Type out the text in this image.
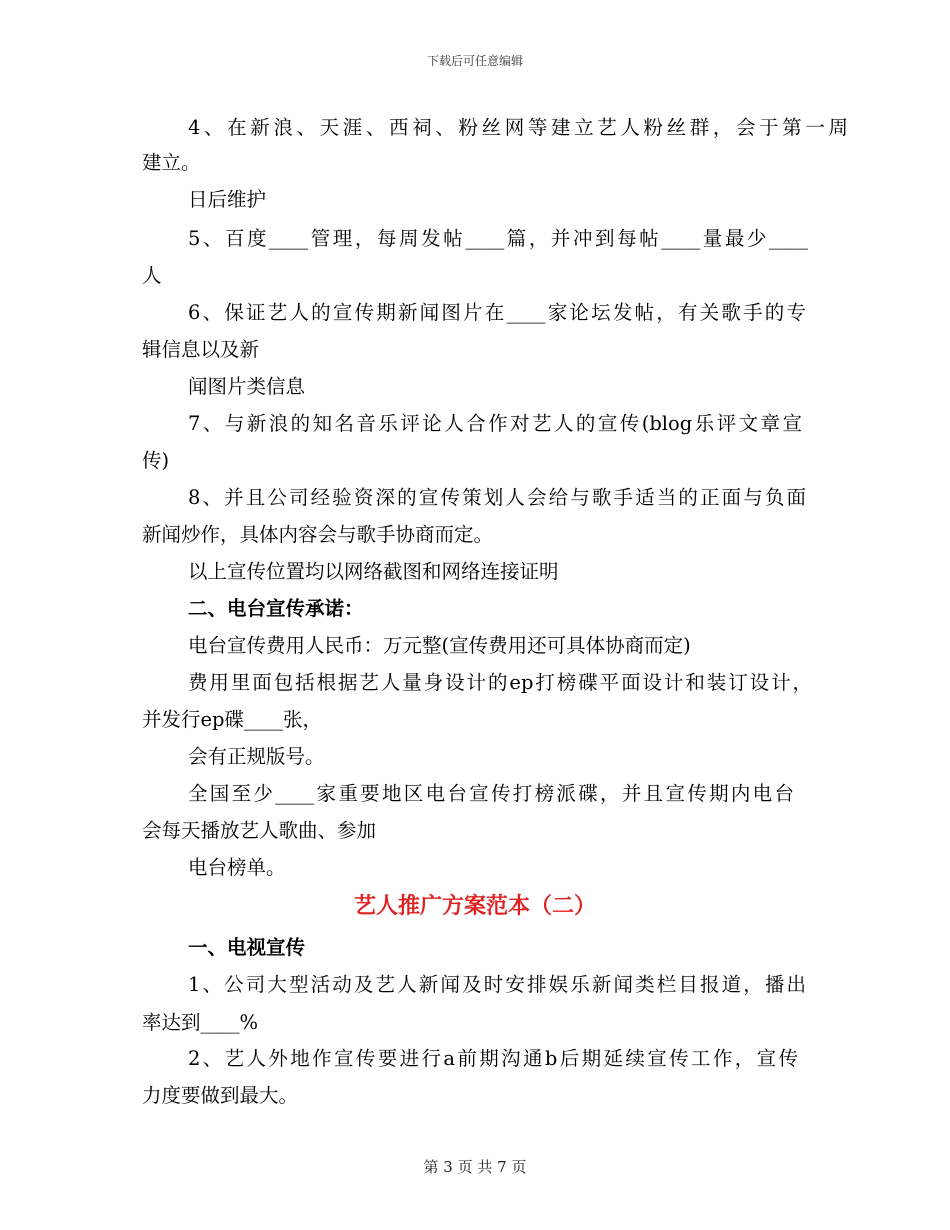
下载后可任意编辑
4、在新浪、天涯、西祠、粉丝网等建立艺人粉丝群，会于第一周
建立。
日后维护
5、百度____管理，每周发帖____篇，并冲到每帖____量最少____
人
6、保证艺人的宣传期新闻图片在____家论坛发帖，有关歌手的专
辑信息以及新
闻图片类信息
7、与新浪的知名音乐评论人合作对艺人的宣传(blog乐评文章宣
传)
8、并且公司经验资深的宣传策划人会给与歌手适当的正面与负面
新闻炒作，具体内容会与歌手协商而定。
以上宣传位置均以网络截图和网络连接证明
二、电台宣传承诺：
电台宣传费用人民币：万元整(宣传费用还可具体协商而定)
费用里面包括根据艺人量身设计的ep打榜碟平面设计和装订设计，
并发行ep碟____张，
会有正规版号。
全国至少____家重要地区电台宣传打榜派碟，并且宣传期内电台
会每天播放艺人歌曲、参加
电台榜单。
艺人推广方案范本（二）
一、电视宣传
1、公司大型活动及艺人新闻及时安排娱乐新闻类栏目报道，播出
率达到____%
2、艺人外地作宣传要进行a前期沟通b后期延续宣传工作，宣传
力度要做到最大。
第 3 页 共 7 页
